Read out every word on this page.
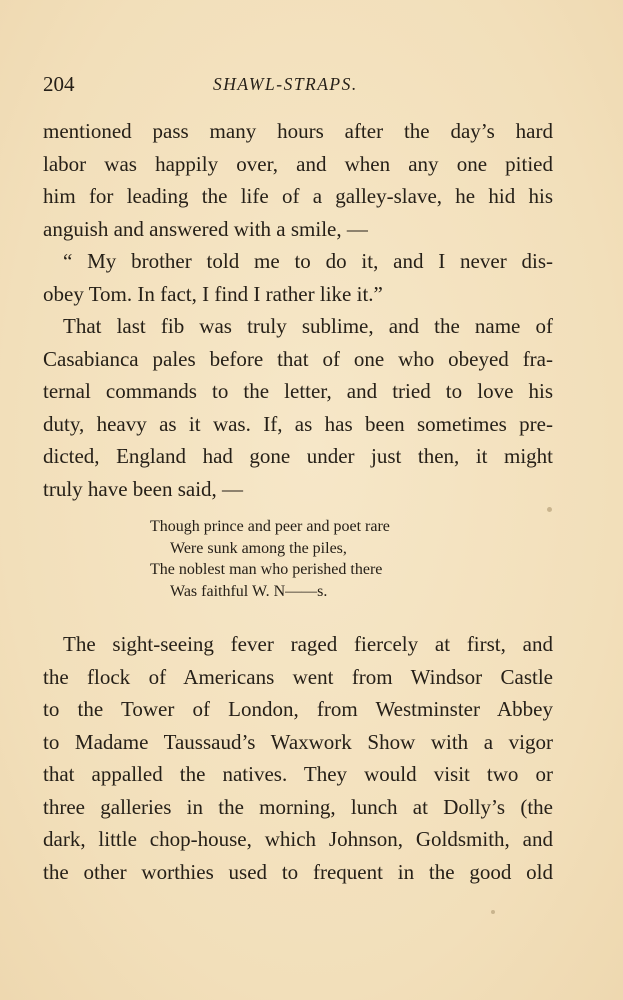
204	SHAWL-STRAPS.
mentioned pass many hours after the day’s hard
labor was happily over, and when any one pitied
him for leading the life of a galley-slave, he hid his
anguish and answered with a smile, —
“ My brother told me to do it, and I never dis-
obey Tom. In fact, I find I rather like it.”
That last fib was truly sublime, and the name of
Casabianca pales before that of one who obeyed fra-
ternal commands to the letter, and tried to love his
duty, heavy as it was. If, as has been sometimes pre-
dicted, England had gone under just then, it might
truly have been said, —
Though prince and peer and poet rare
Were sunk among the piles,
The noblest man who perished there
Was faithful W. N——s.
The sight-seeing fever raged fiercely at first, and
the flock of Americans went from Windsor Castle
to the Tower of London, from Westminster Abbey
to Madame Taussaud’s Waxwork Show with a vigor
that appalled the natives. They would visit two or
three galleries in the morning, lunch at Dolly’s (the
dark, little chop-house, which Johnson, Goldsmith, and
the other worthies used to frequent in the good old
